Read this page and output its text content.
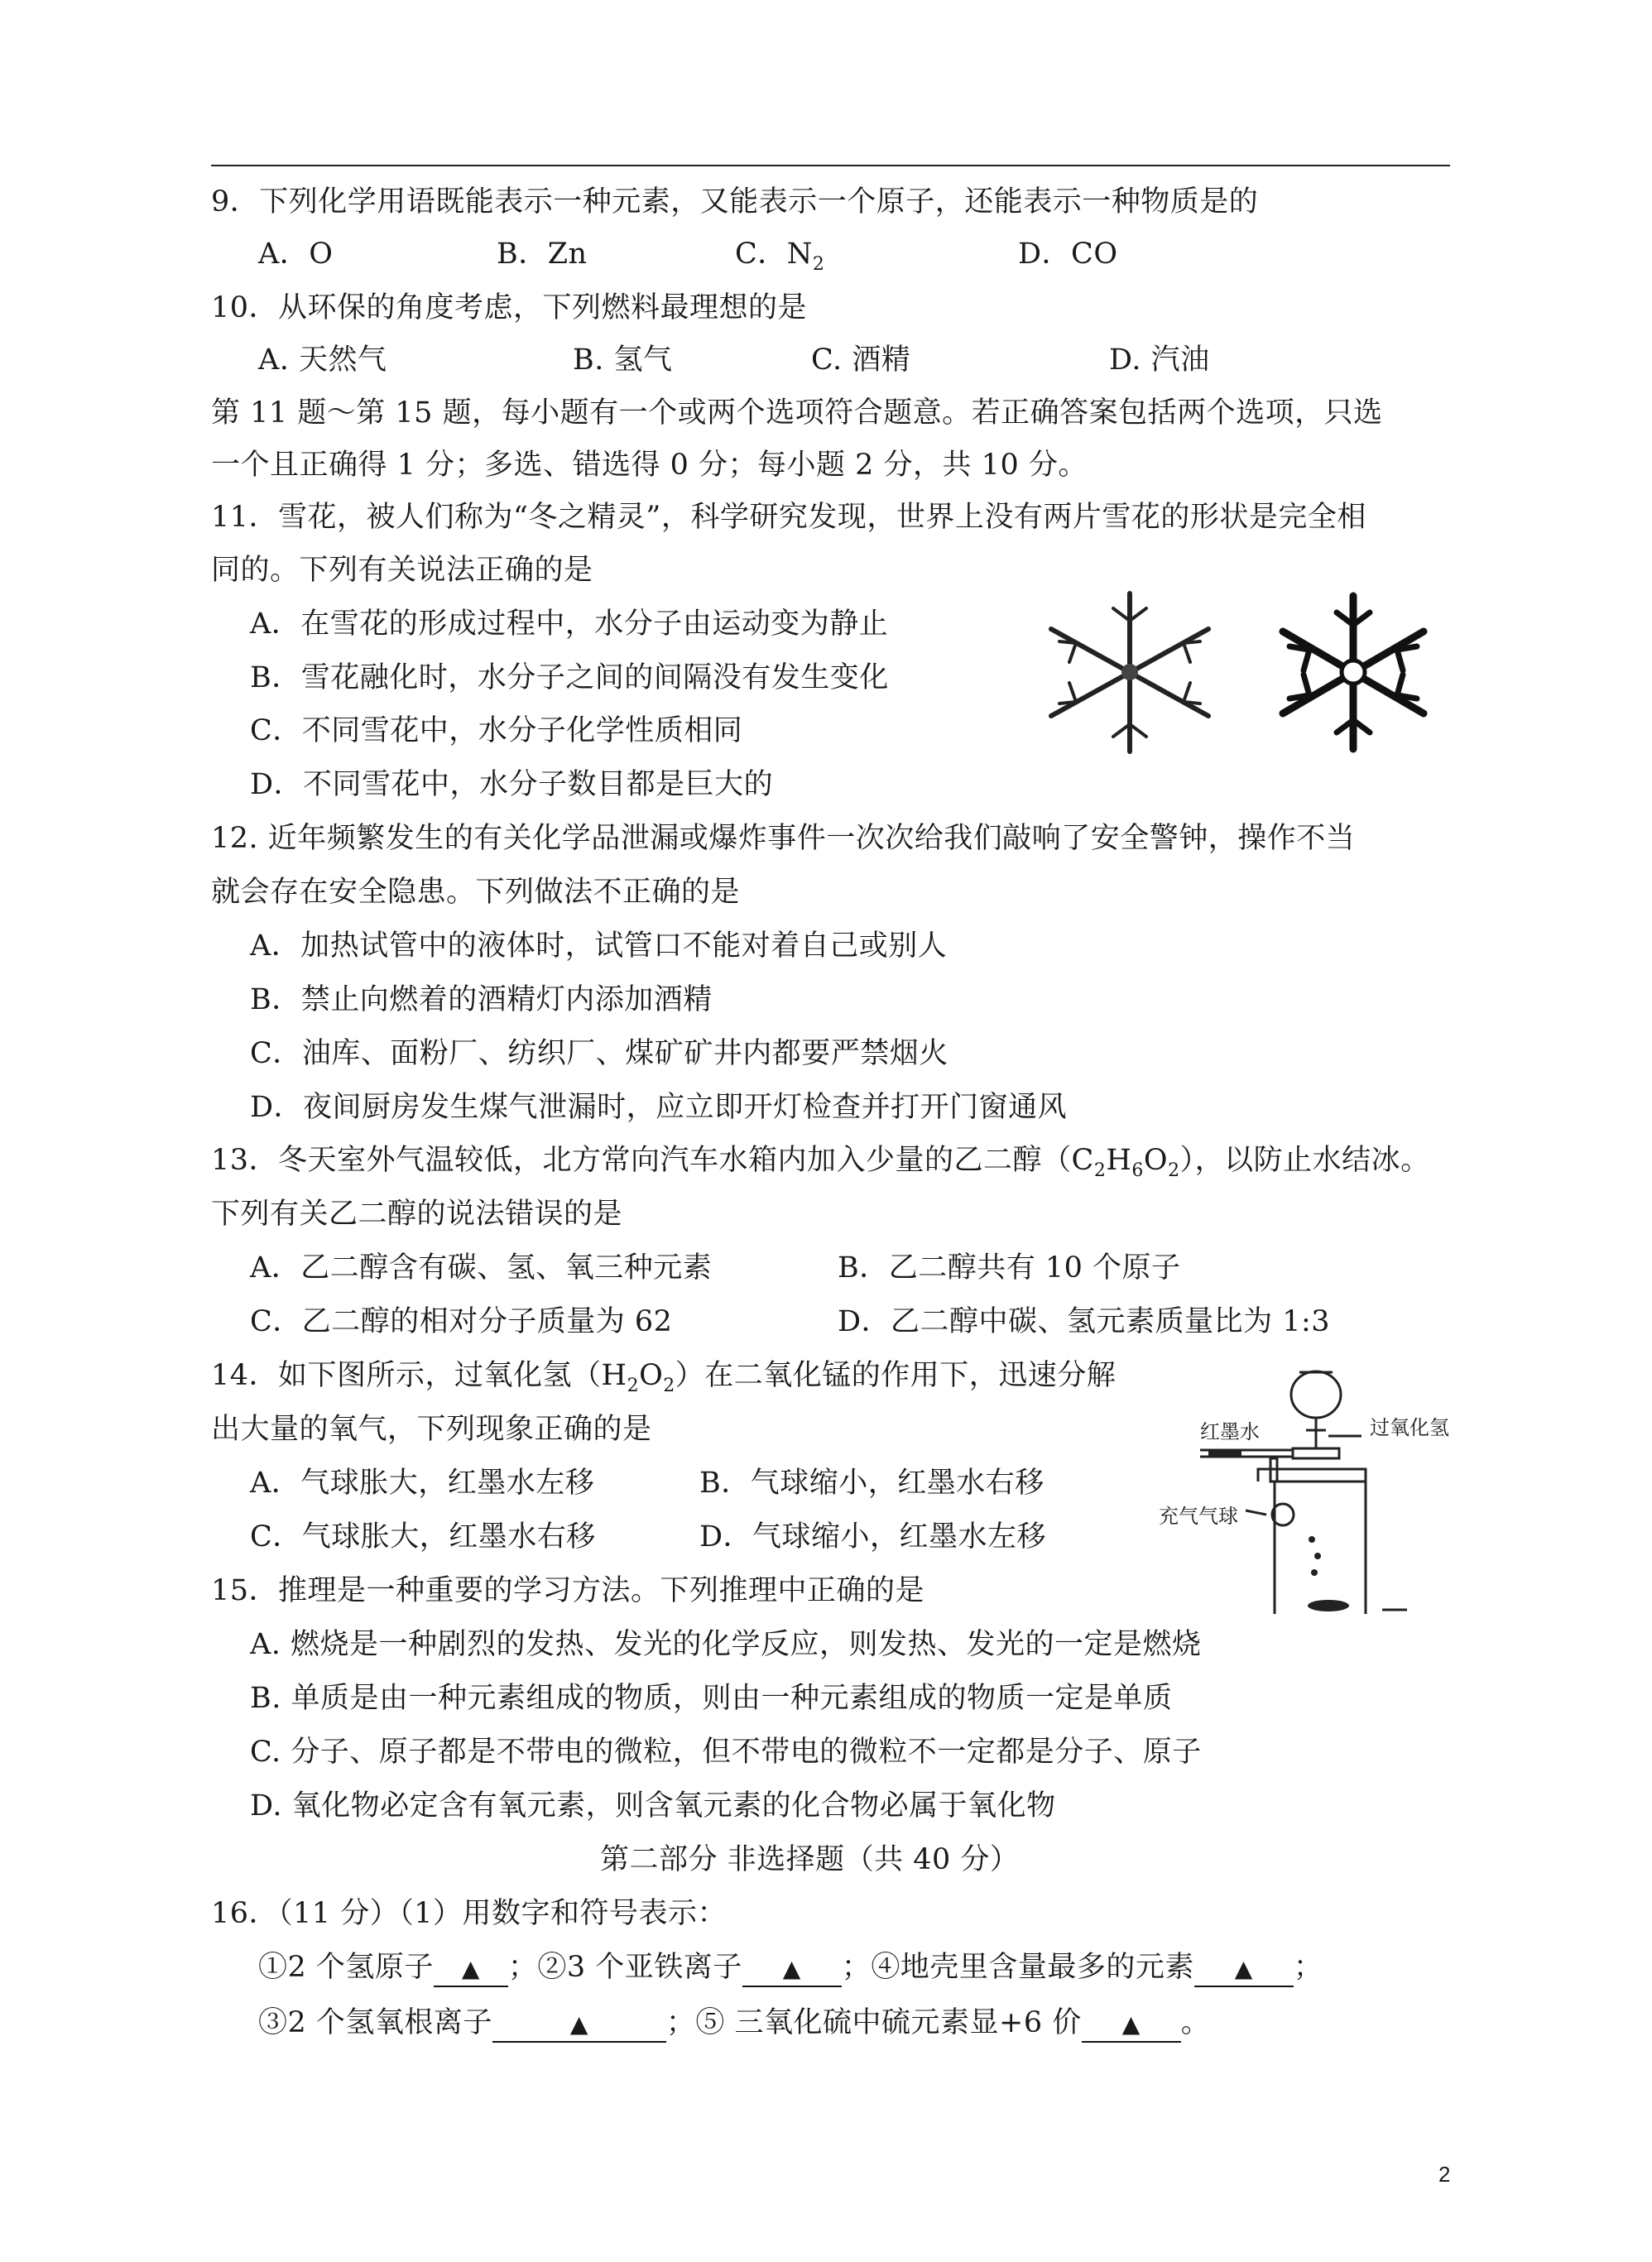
9．下列化学用语既能表示一种元素，又能表示一个原子，还能表示一种物质是的
A．O	B．Zn	C．$N_2$	D．CO
10．从环保的角度考虑，下列燃料最理想的是
A. 天然气	B. 氢气	C. 酒精	D. 汽油
第 11 题～第 15 题，每小题有一个或两个选项符合题意。若正确答案包括两个选项，只选
一个且正确得 1 分；多选、错选得 0 分；每小题 2 分，共 10 分。
11．雪花，被人们称为“冬之精灵”，科学研究发现，世界上没有两片雪花的形状是完全相
同的。下列有关说法正确的是
A．在雪花的形成过程中，水分子由运动变为静止
B．雪花融化时，水分子之间的间隔没有发生变化
C．不同雪花中，水分子化学性质相同
D．不同雪花中，水分子数目都是巨大的
12. 近年频繁发生的有关化学品泄漏或爆炸事件一次次给我们敲响了安全警钟，操作不当
就会存在安全隐患。下列做法不正确的是
A．加热试管中的液体时，试管口不能对着自己或别人
B．禁止向燃着的酒精灯内添加酒精
C．油库、面粉厂、纺织厂、煤矿矿井内都要严禁烟火
D．夜间厨房发生煤气泄漏时，应立即开灯检查并打开门窗通风
13．冬天室外气温较低，北方常向汽车水箱内加入少量的乙二醇$(C_2H_6O_2)$，以防止水结冰。
下列有关乙二醇的说法错误的是
A．乙二醇含有碳、氢、氧三种元素	B．乙二醇共有 10 个原子
C．乙二醇的相对分子质量为 62	D．乙二醇中碳、氢元素质量比为 1:3
14．如下图所示，过氧化氢$(H_2O_2)$在二氧化锰的作用下，迅速分解
出大量的氧气，下列现象正确的是
A．气球胀大，红墨水左移	B．气球缩小，红墨水右移
C．气球胀大，红墨水右移	D．气球缩小，红墨水左移
红墨水	过氧化氢
充气气球
15．推理是一种重要的学习方法。下列推理中正确的是
A. 燃烧是一种剧烈的发热、发光的化学反应，则发热、发光的一定是燃烧
B. 单质是由一种元素组成的物质，则由一种元素组成的物质一定是单质
C. 分子、原子都是不带电的微粒，但不带电的微粒不一定都是分子、原子
D. 氧化物必定含有氧元素，则含氧元素的化合物必属于氧化物
第二部分 非选择题（共 40 分）
16．（11 分）（1）用数字和符号表示：
①2 个氢原子 ▲ ；②3 个亚铁离子 ▲ ；④地壳里含量最多的元素 ▲ ；
③2 个氢氧根离子	▲	；⑤ 三氧化硫中硫元素显+6 价 ▲ 。
2
